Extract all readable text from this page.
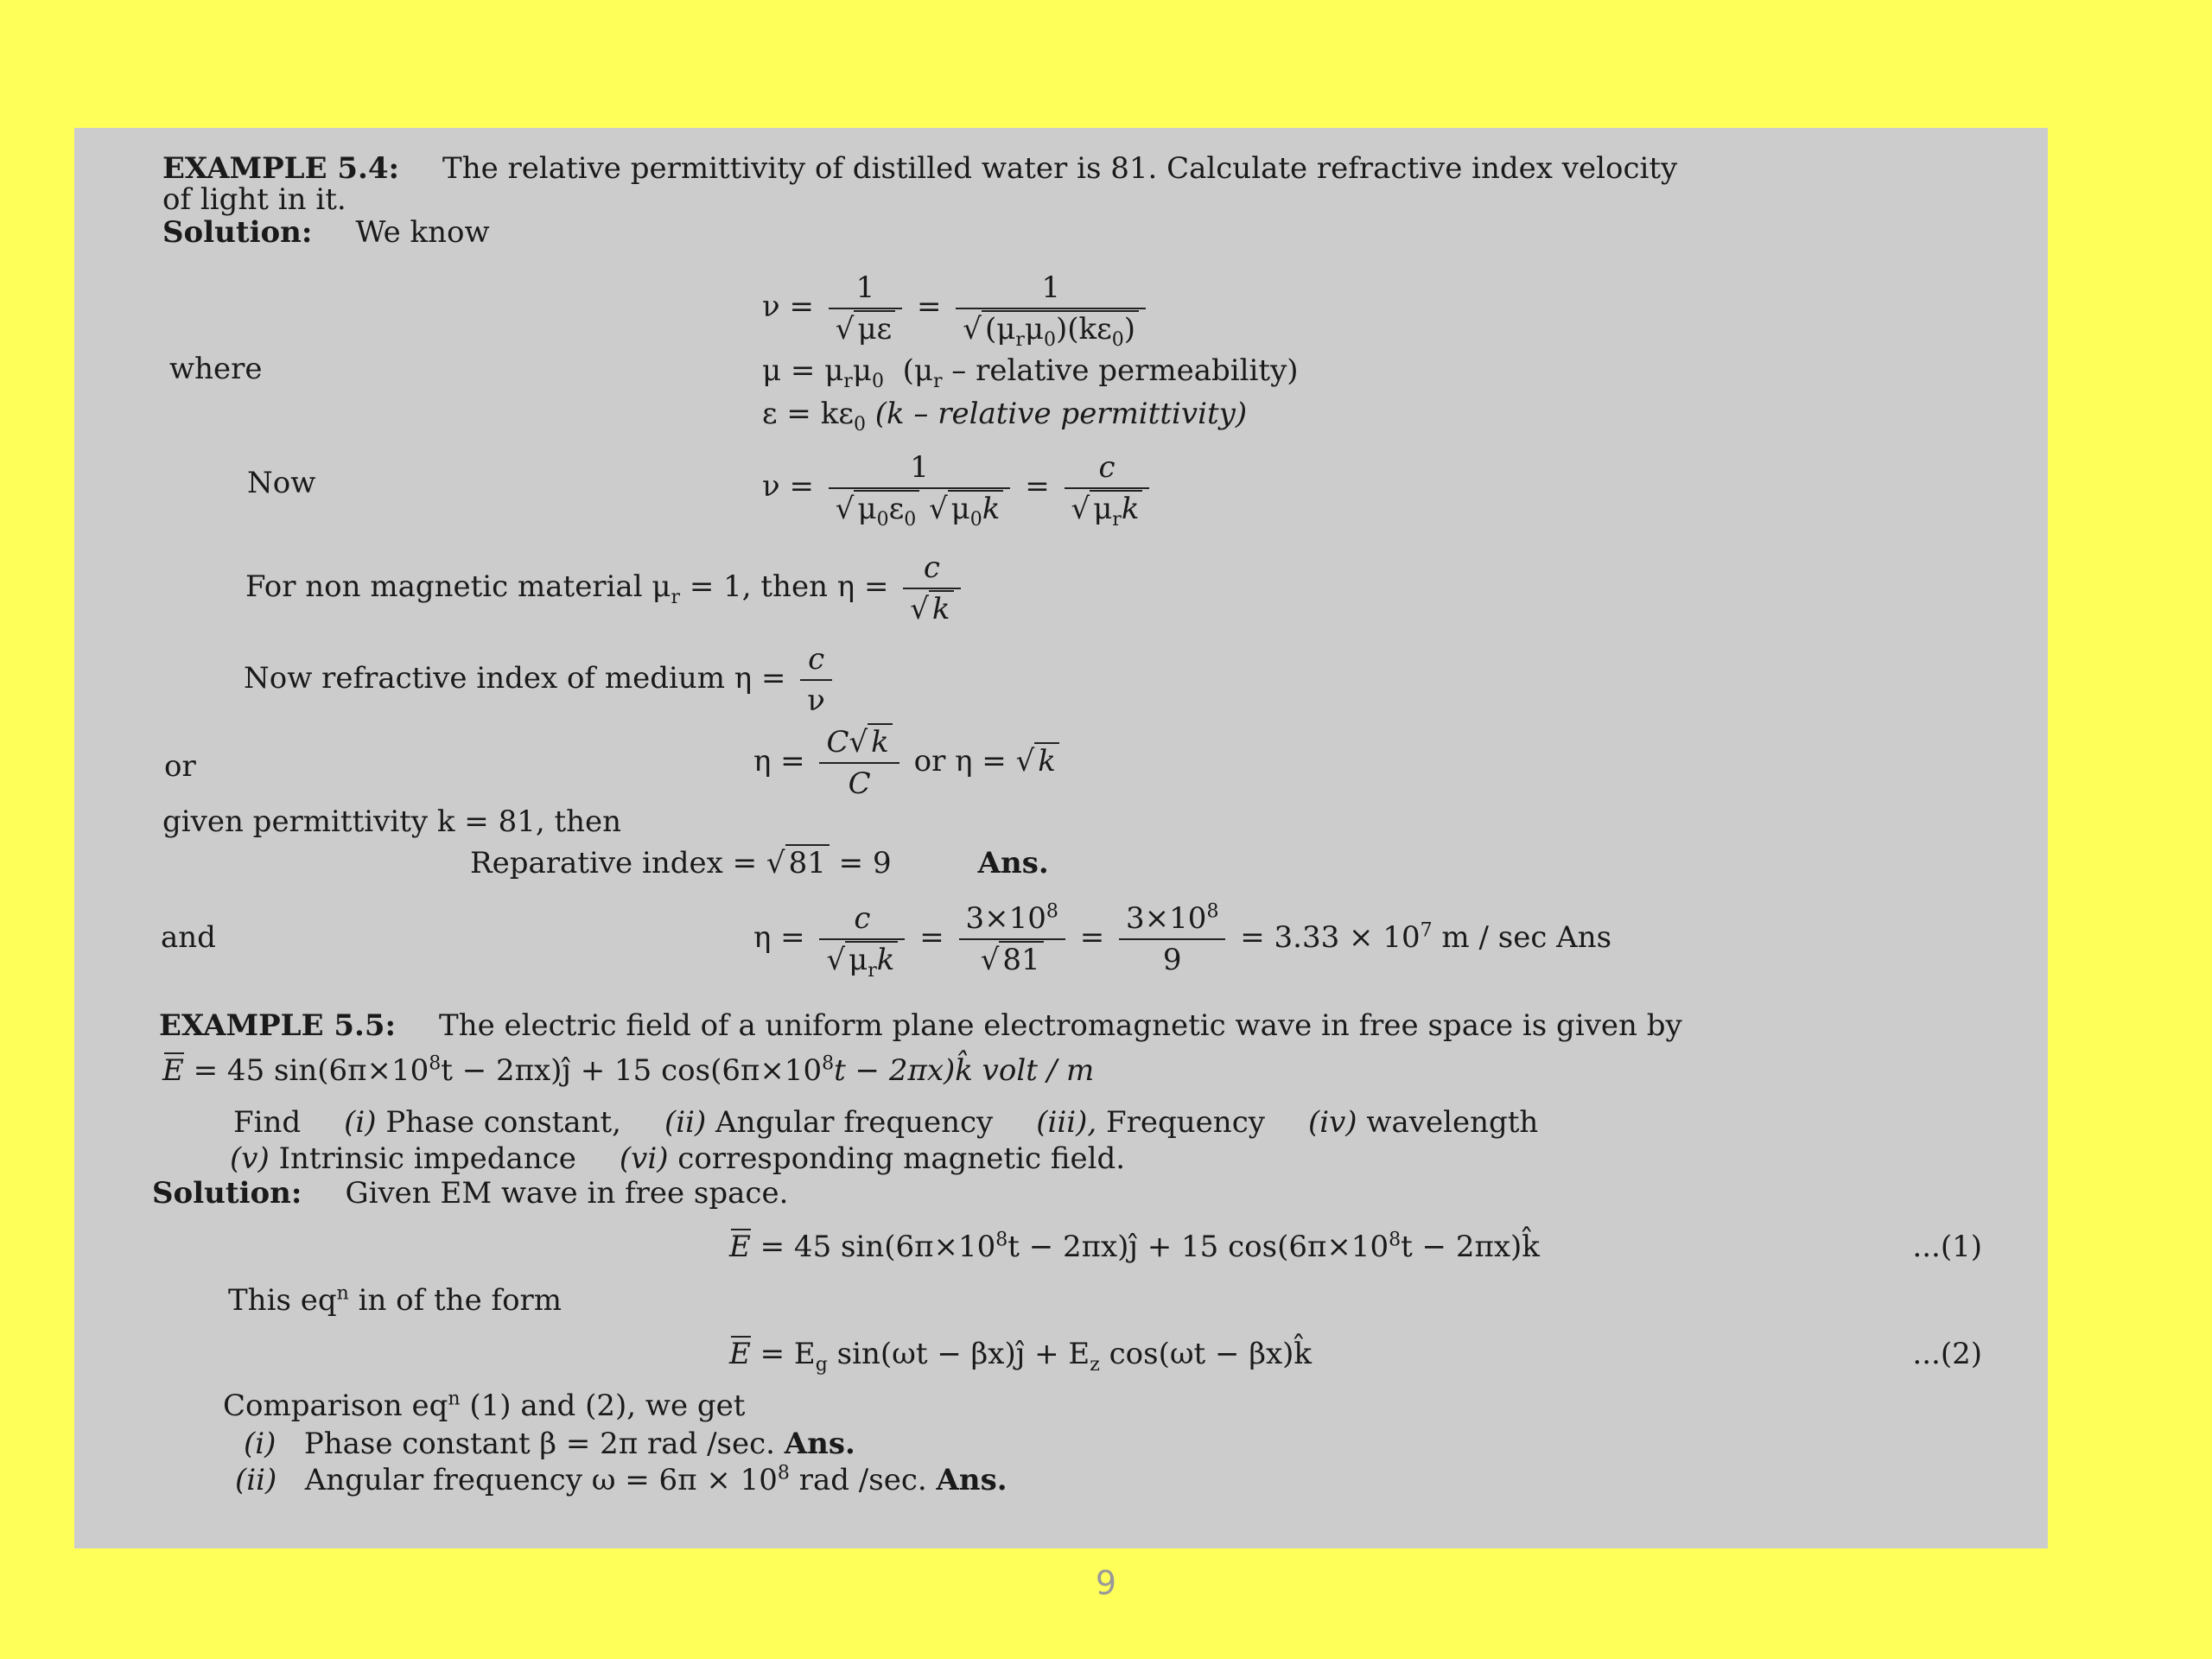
EXAMPLE 5.4: The relative permittivity of distilled water is 81. Calculate refractive index velocity
of light in it.
Solution: We know
$\nu = \frac{1}{√ \mu\varepsilon} = \frac{1}{√ (\mu_r\mu_0)(k\varepsilon_0)}$
where	$\mu = \mu_r\mu_0$ ($\mu_r$ – relative permeability)
$\varepsilon = k\varepsilon_0$ (k – relative permittivity)
Now	$\nu = \frac{1}{√ \mu_0\varepsilon_0 √ \mu_0k} = \frac{c}{√ \mu_rk}$
For non magnetic material $\mu_r = 1$, then $\eta = \frac{c}{√ k}$
Now refractive index of medium $\eta = \frac{c}{\nu}$
or	$\eta = \frac{C√ k}{C}$ or η = √ k
given permittivity k = 81, then
Reparative index = √ 81 = 9	Ans.
and	$\eta = \frac{c}{√ \mu_rk} = \frac{3\times 10^8}{√ 81} = \frac{3\times 10^8}{9} = 3.33 \times 10^7$ m / sec Ans
EXAMPLE 5.5: The electric field of a uniform plane electromagnetic wave in free space is given by
E = 45 $\sin(6\pi\times 10^8t$ − 2πx)ĵ + 15 $\cos(6\pi\times 10^8t$ − 2πx)k̂ volt / m
Find (i) Phase constant, (ii) Angular frequency (iii), Frequency (iv) wavelength
(v) Intrinsic impedance (vi) corresponding magnetic field.
Solution: Given EM wave in free space.
E = 45 $\sin(6\pi\times 10^8t$ − 2πx)ĵ + 15 $\cos(6\pi\times 10^8t$ − 2πx)k̂	...(1)
This $eq^n$ in of the form
$E = E_g$ sin(ωt − βx)ĵ + $E_z$ cos(ωt − βx)k̂	...(2)
Comparison $eq^n$ (1) and (2), we get
(i) Phase constant β = 2π rad /sec. Ans.
(ii) Angular frequency $\omega = 6\pi \times 10^8$ rad /sec. Ans.
9
